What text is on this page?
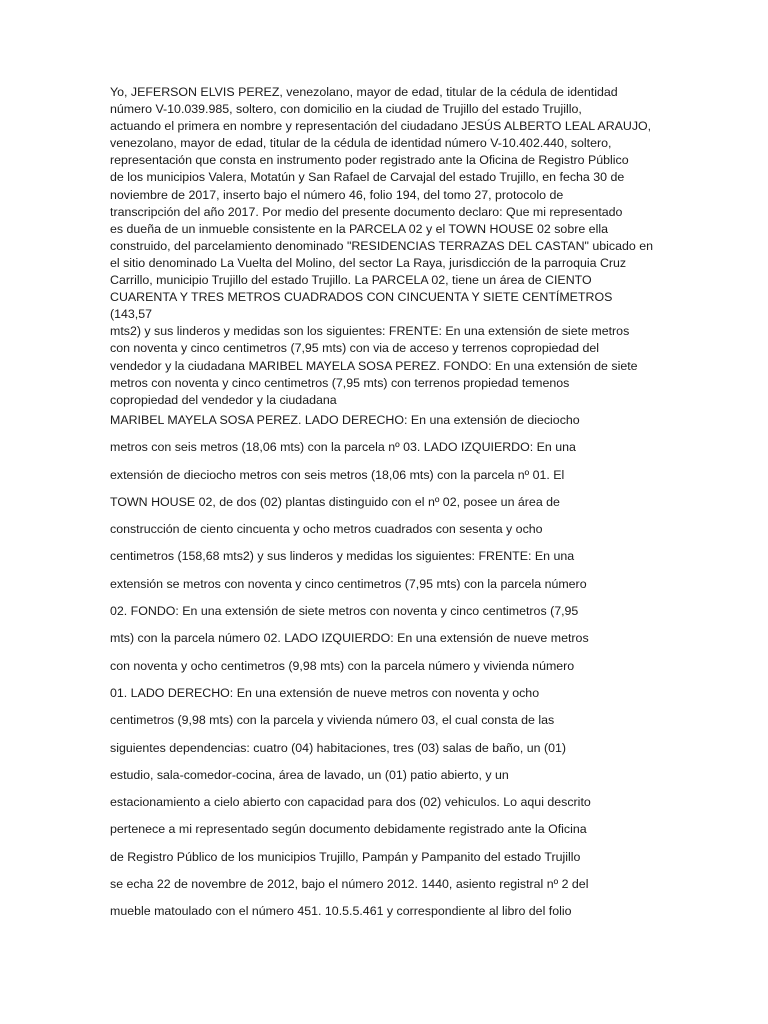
Yo, JEFERSON ELVIS PEREZ, venezolano, mayor de edad, titular de la cédula de identidad
número V-10.039.985, soltero, con domicilio en la ciudad de Trujillo del estado Trujillo,
actuando el primera en nombre y representación del ciudadano JESÚS ALBERTO LEAL ARAUJO,
venezolano, mayor de edad, titular de la cédula de identidad número V-10.402.440, soltero,
representación que consta en instrumento poder registrado ante la Oficina de Registro Público
de los municipios Valera, Motatún y San Rafael de Carvajal del estado Trujillo, en fecha 30 de
noviembre de 2017, inserto bajo el número 46, folio 194, del tomo 27, protocolo de
transcripción del año 2017. Por medio del presente documento declaro: Que mi representado
es dueña de un inmueble consistente en la PARCELA 02 y el TOWN HOUSE 02 sobre ella
construido, del parcelamiento denominado "RESIDENCIAS TERRAZAS DEL CASTAN" ubicado en
el sitio denominado La Vuelta del Molino, del sector La Raya, jurisdicción de la parroquia Cruz
Carrillo, municipio Trujillo del estado Trujillo. La PARCELA 02, tiene un área de CIENTO
CUARENTA Y TRES METROS CUADRADOS CON CINCUENTA Y SIETE CENTÍMETROS (143,57
mts2) y sus linderos y medidas son los siguientes: FRENTE: En una extensión de siete metros
con noventa y cinco centimetros (7,95 mts) con via de acceso y terrenos copropiedad del
vendedor y la ciudadana MARIBEL MAYELA SOSA PEREZ. FONDO: En una extensión de siete
metros con noventa y cinco centimetros (7,95 mts) con terrenos propiedad temenos
copropiedad del vendedor y la ciudadana
MARIBEL MAYELA SOSA PEREZ. LADO DERECHO: En una extensión de dieciocho
metros con seis metros (18,06 mts) con la parcela nº 03. LADO IZQUIERDO: En una
extensión de dieciocho metros con seis metros (18,06 mts) con la parcela nº 01. El
TOWN HOUSE 02, de dos (02) plantas distinguido con el nº 02, posee un área de
construcción de ciento cincuenta y ocho metros cuadrados con sesenta y ocho
centimetros (158,68 mts2) y sus linderos y medidas los siguientes: FRENTE: En una
extensión se metros con noventa y cinco centimetros (7,95 mts) con la parcela número
02. FONDO: En una extensión de siete metros con noventa y cinco centimetros (7,95
mts) con la parcela número 02. LADO IZQUIERDO: En una extensión de nueve metros
con noventa y ocho centimetros (9,98 mts) con la parcela número y vivienda número
01. LADO DERECHO: En una extensión de nueve metros con noventa y ocho
centimetros (9,98 mts) con la parcela y vivienda número 03, el cual consta de las
siguientes dependencias: cuatro (04) habitaciones, tres (03) salas de baño, un (01)
estudio, sala-comedor-cocina, área de lavado, un (01) patio abierto, y un
estacionamiento a cielo abierto con capacidad para dos (02) vehiculos. Lo aqui descrito
pertenece a mi representado según documento debidamente registrado ante la Oficina
de Registro Público de los municipios Trujillo, Pampán y Pampanito del estado Trujillo
se echa 22 de novembre de 2012, bajo el número 2012. 1440, asiento registral nº 2 del
mueble matoulado con el número 451. 10.5.5.461 y correspondiente al libro del folio
